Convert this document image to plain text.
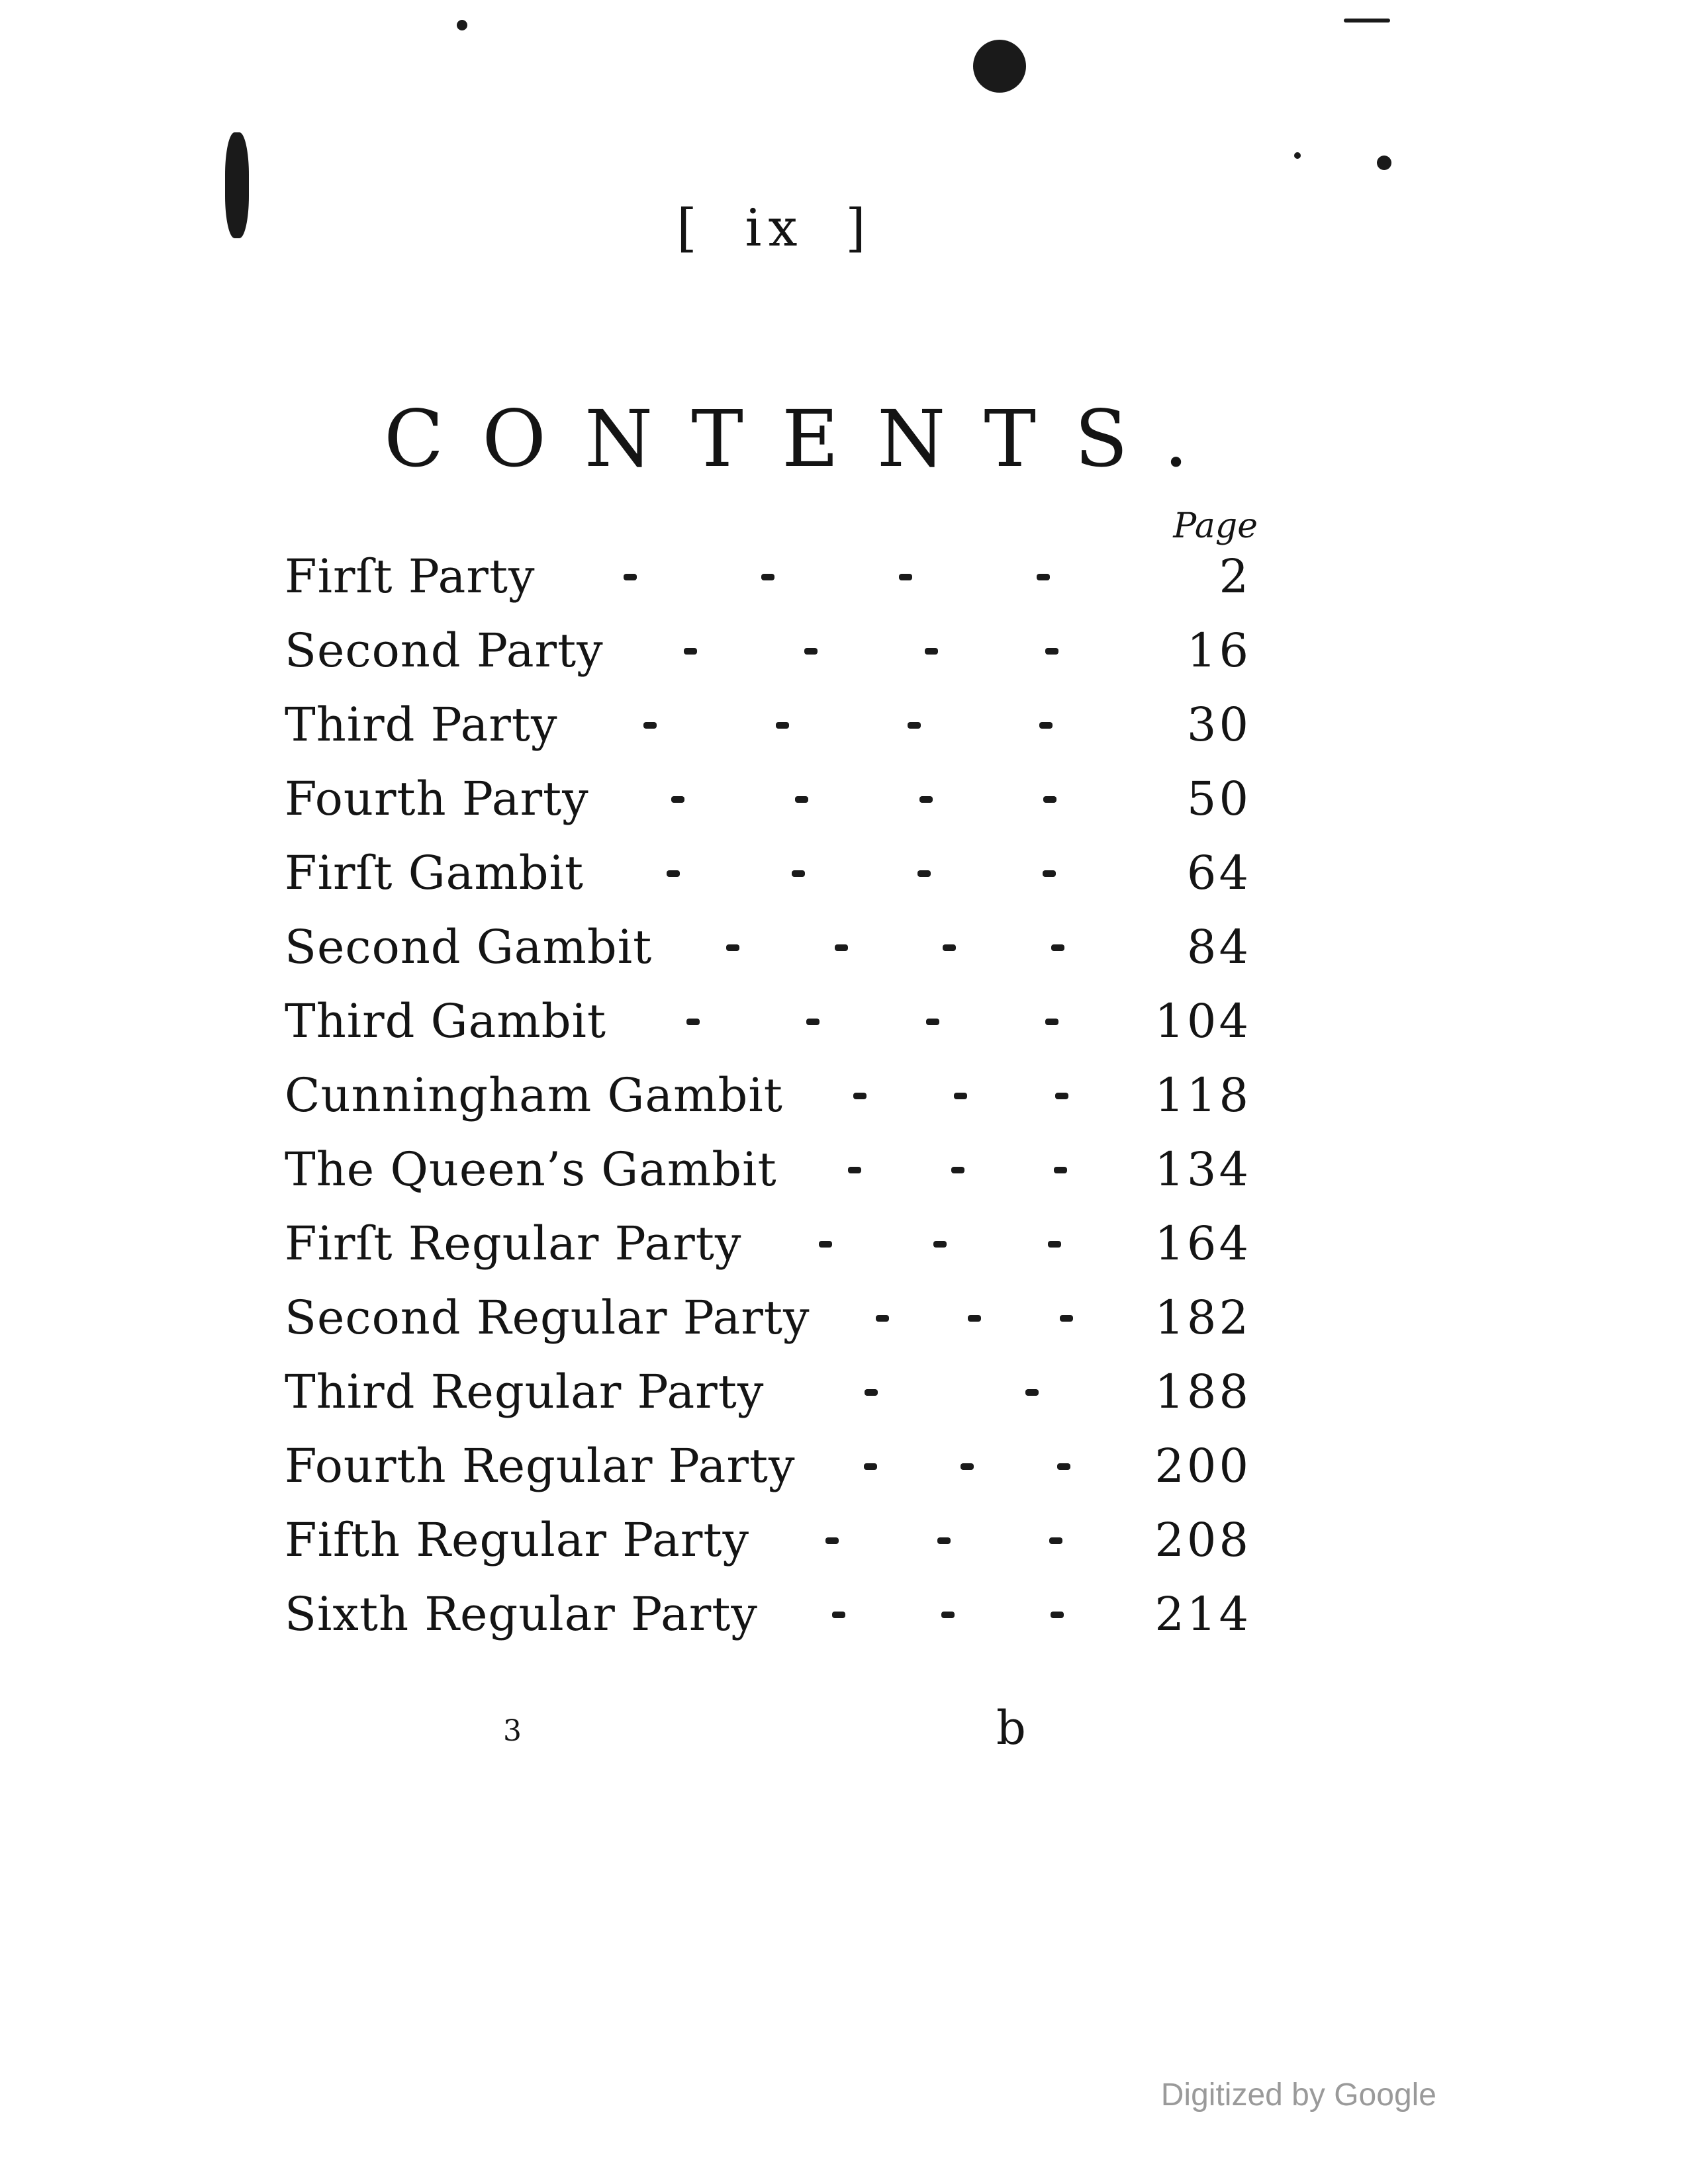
[ ix ]
CONTENTS.
Page
Firſt Party	2
Second Party	16
Third Party	30
Fourth Party	50
Firſt Gambit	64
Second Gambit	84
Third Gambit	104
Cunningham Gambit	118
The Queen’s Gambit	134
Firſt Regular Party	164
Second Regular Party	182
Third Regular Party	188
Fourth Regular Party	200
Fifth Regular Party	208
Sixth Regular Party	214
3	b
Digitized by Google
